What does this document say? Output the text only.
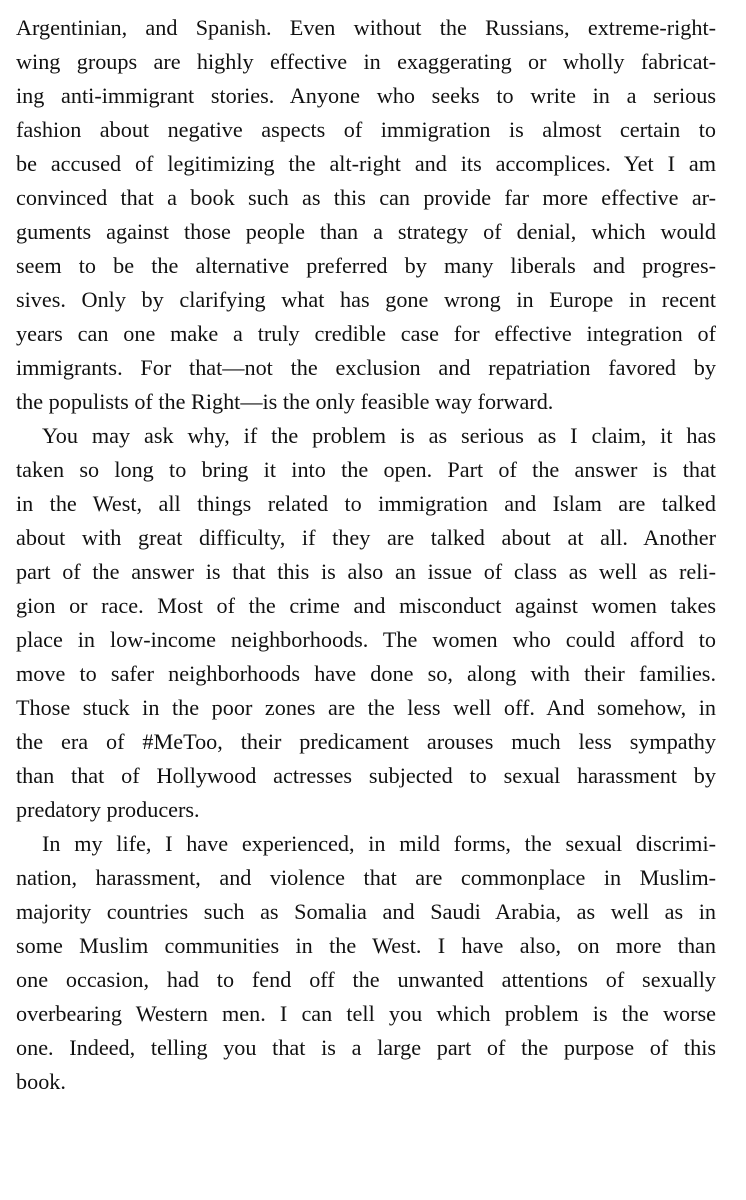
Argentinian, and Spanish. Even without the Russians, extreme-right-
wing groups are highly effective in exaggerating or wholly fabricat-
ing anti-immigrant stories. Anyone who seeks to write in a serious
fashion about negative aspects of immigration is almost certain to
be accused of legitimizing the alt-right and its accomplices. Yet I am
convinced that a book such as this can provide far more effective ar-
guments against those people than a strategy of denial, which would
seem to be the alternative preferred by many liberals and progres-
sives. Only by clarifying what has gone wrong in Europe in recent
years can one make a truly credible case for effective integration of
immigrants. For that—not the exclusion and repatriation favored by
the populists of the Right—is the only feasible way forward.
You may ask why, if the problem is as serious as I claim, it has
taken so long to bring it into the open. Part of the answer is that
in the West, all things related to immigration and Islam are talked
about with great difficulty, if they are talked about at all. Another
part of the answer is that this is also an issue of class as well as reli-
gion or race. Most of the crime and misconduct against women takes
place in low-income neighborhoods. The women who could afford to
move to safer neighborhoods have done so, along with their families.
Those stuck in the poor zones are the less well off. And somehow, in
the era of #MeToo, their predicament arouses much less sympathy
than that of Hollywood actresses subjected to sexual harassment by
predatory producers.
In my life, I have experienced, in mild forms, the sexual discrimi-
nation, harassment, and violence that are commonplace in Muslim-
majority countries such as Somalia and Saudi Arabia, as well as in
some Muslim communities in the West. I have also, on more than
one occasion, had to fend off the unwanted attentions of sexually
overbearing Western men. I can tell you which problem is the worse
one. Indeed, telling you that is a large part of the purpose of this
book.
